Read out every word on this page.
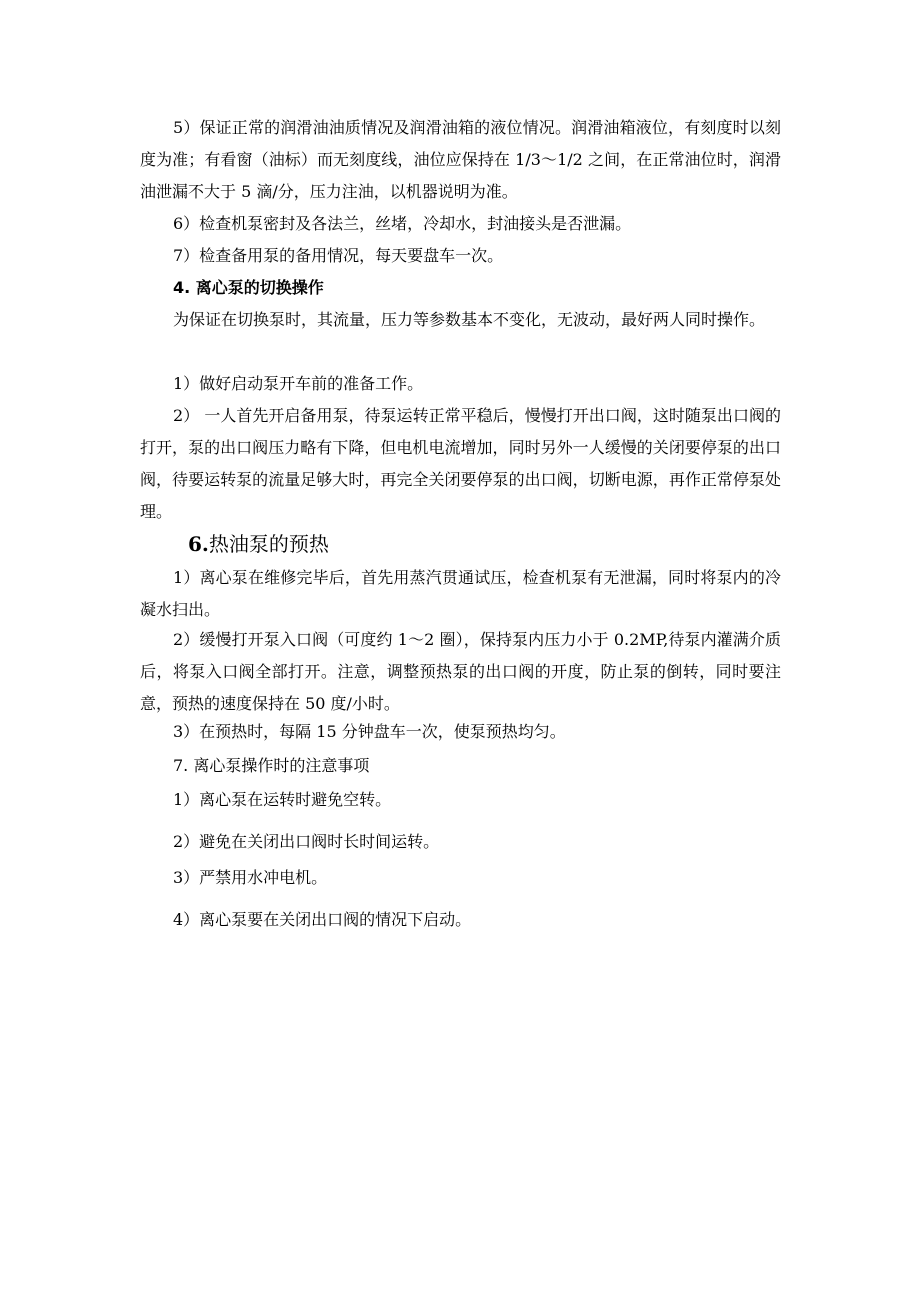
5）保证正常的润滑油油质情况及润滑油箱的液位情况。润滑油箱液位，有刻度时以刻度为准；有看窗（油标）而无刻度线，油位应保持在 1/3～1/2 之间，在正常油位时，润滑油泄漏不大于 5 滴/分，压力注油，以机器说明为准。

6）检查机泵密封及各法兰，丝堵，冷却水，封油接头是否泄漏。

7）检查备用泵的备用情况，每天要盘车一次。

4. 离心泵的切换操作

为保证在切换泵时，其流量，压力等参数基本不变化，无波动，最好两人同时操作。

1）做好启动泵开车前的准备工作。

2） 一人首先开启备用泵，待泵运转正常平稳后，慢慢打开出口阀，这时随泵出口阀的打开，泵的出口阀压力略有下降，但电机电流增加，同时另外一人缓慢的关闭要停泵的出口阀，待要运转泵的流量足够大时，再完全关闭要停泵的出口阀，切断电源，再作正常停泵处理。

6.热油泵的预热

1）离心泵在维修完毕后，首先用蒸汽贯通试压，检查机泵有无泄漏，同时将泵内的冷凝水扫出。

2）缓慢打开泵入口阀（可度约 1～2 圈），保持泵内压力小于 0.2MP,待泵内灌满介质后，将泵入口阀全部打开。注意，调整预热泵的出口阀的开度，防止泵的倒转，同时要注意，预热的速度保持在 50 度/小时。

3）在预热时，每隔 15 分钟盘车一次，使泵预热均匀。

7. 离心泵操作时的注意事项

1）离心泵在运转时避免空转。

2）避免在关闭出口阀时长时间运转。

3）严禁用水冲电机。

4）离心泵要在关闭出口阀的情况下启动。
